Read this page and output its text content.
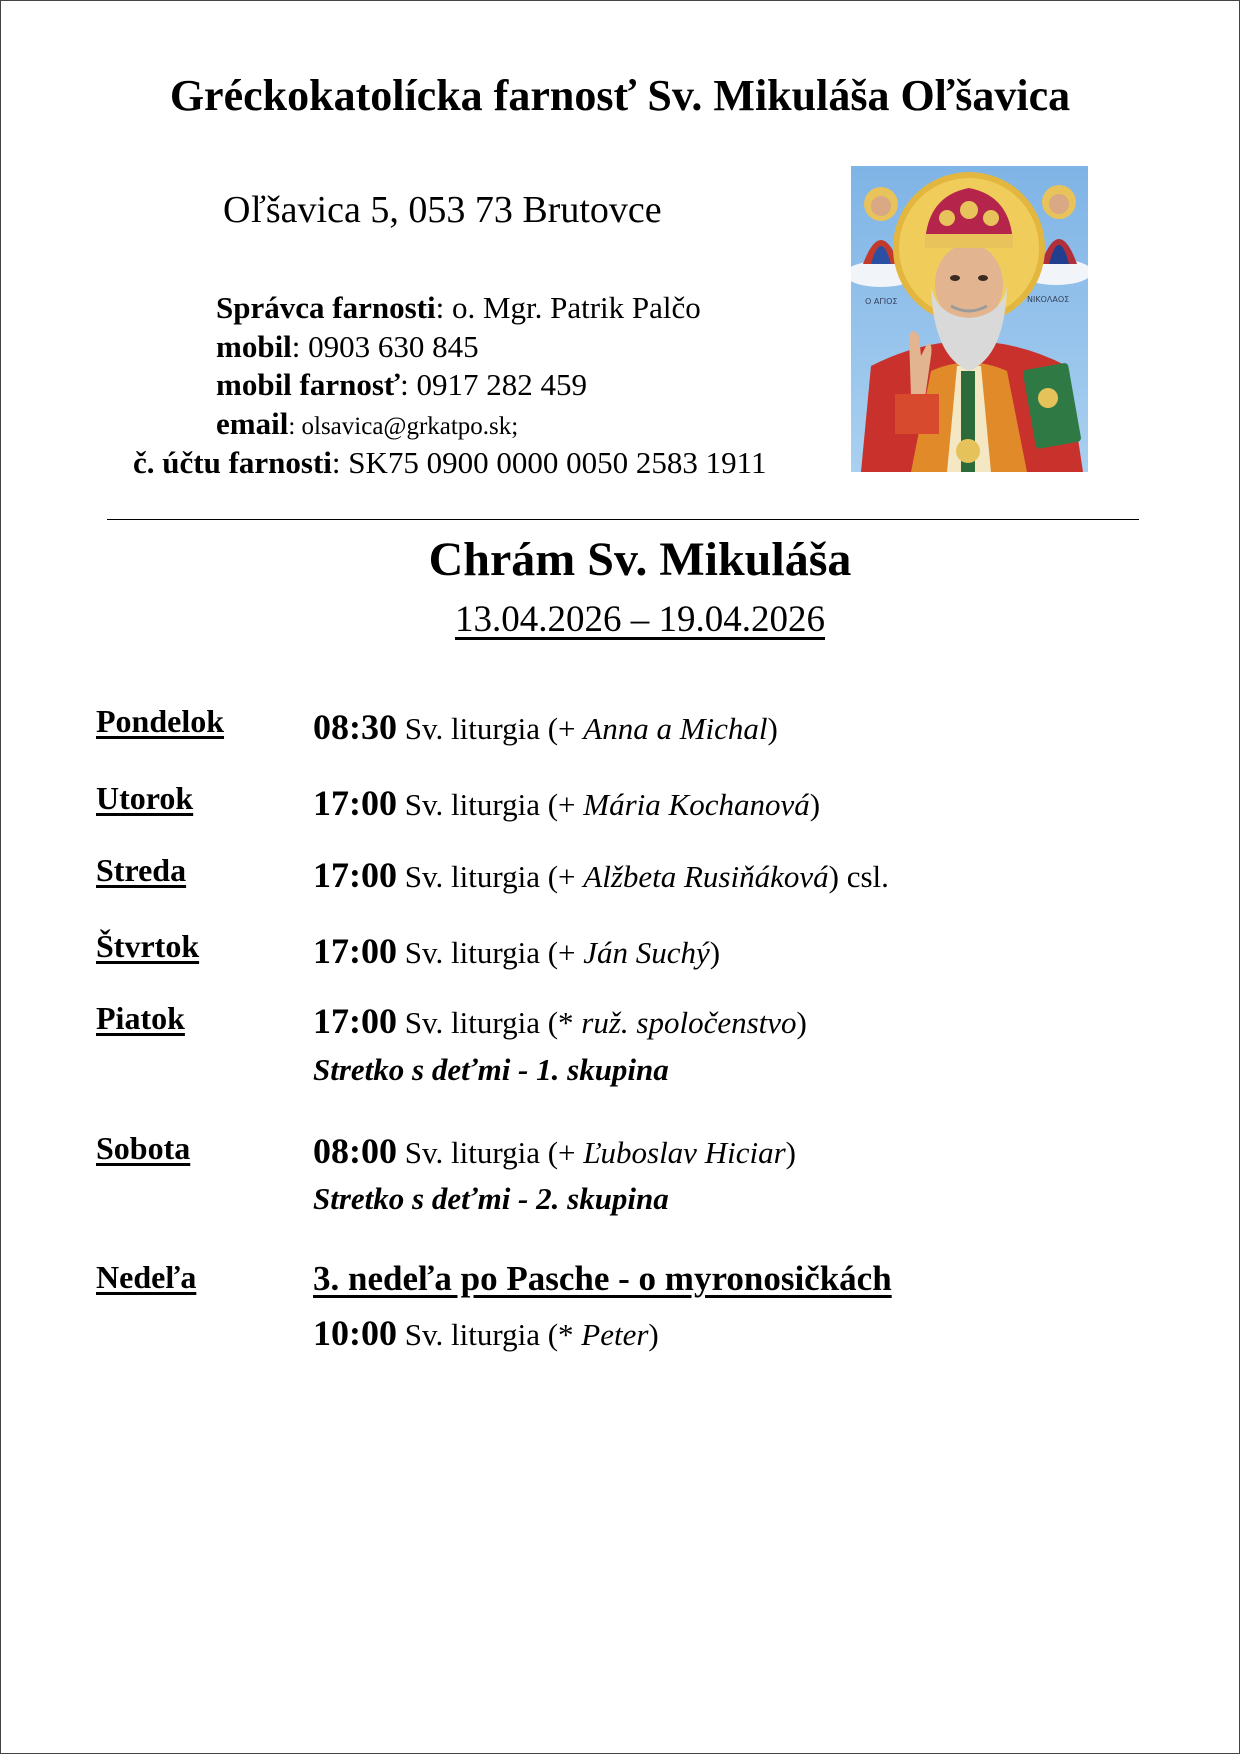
Gréckokatolícka farnosť Sv. Mikuláša Oľšavica
Oľšavica 5, 053 73 Brutovce
Správca farnosti: o. Mgr. Patrik Palčo
mobil: 0903 630 845
mobil farnosť: 0917 282 459
email: olsavica@grkatpo.sk;
č. účtu farnosti: SK75 0900 0000 0050 2583 1911
Ο ΑΓΙΟΣ	ΝΙΚΟΛΑΟΣ
Chrám Sv. Mikuláša
13.04.2026 – 19.04.2026
Pondelok 08:30 Sv. liturgia (+ Anna a Michal)
Utorok	17:00 Sv. liturgia (+ Mária Kochanová)
Streda	17:00 Sv. liturgia (+ Alžbeta Rusiňáková) csl.
Štvrtok	17:00 Sv. liturgia (+ Ján Suchý)
Piatok	17:00 Sv. liturgia (* ruž. spoločenstvo)
Stretko s deťmi - 1. skupina
Sobota	08:00 Sv. liturgia (+ Ľuboslav Hiciar)
Stretko s deťmi - 2. skupina
Nedeľa	3. nedeľa po Pasche - o myronosičkách
10:00 Sv. liturgia (* Peter)
